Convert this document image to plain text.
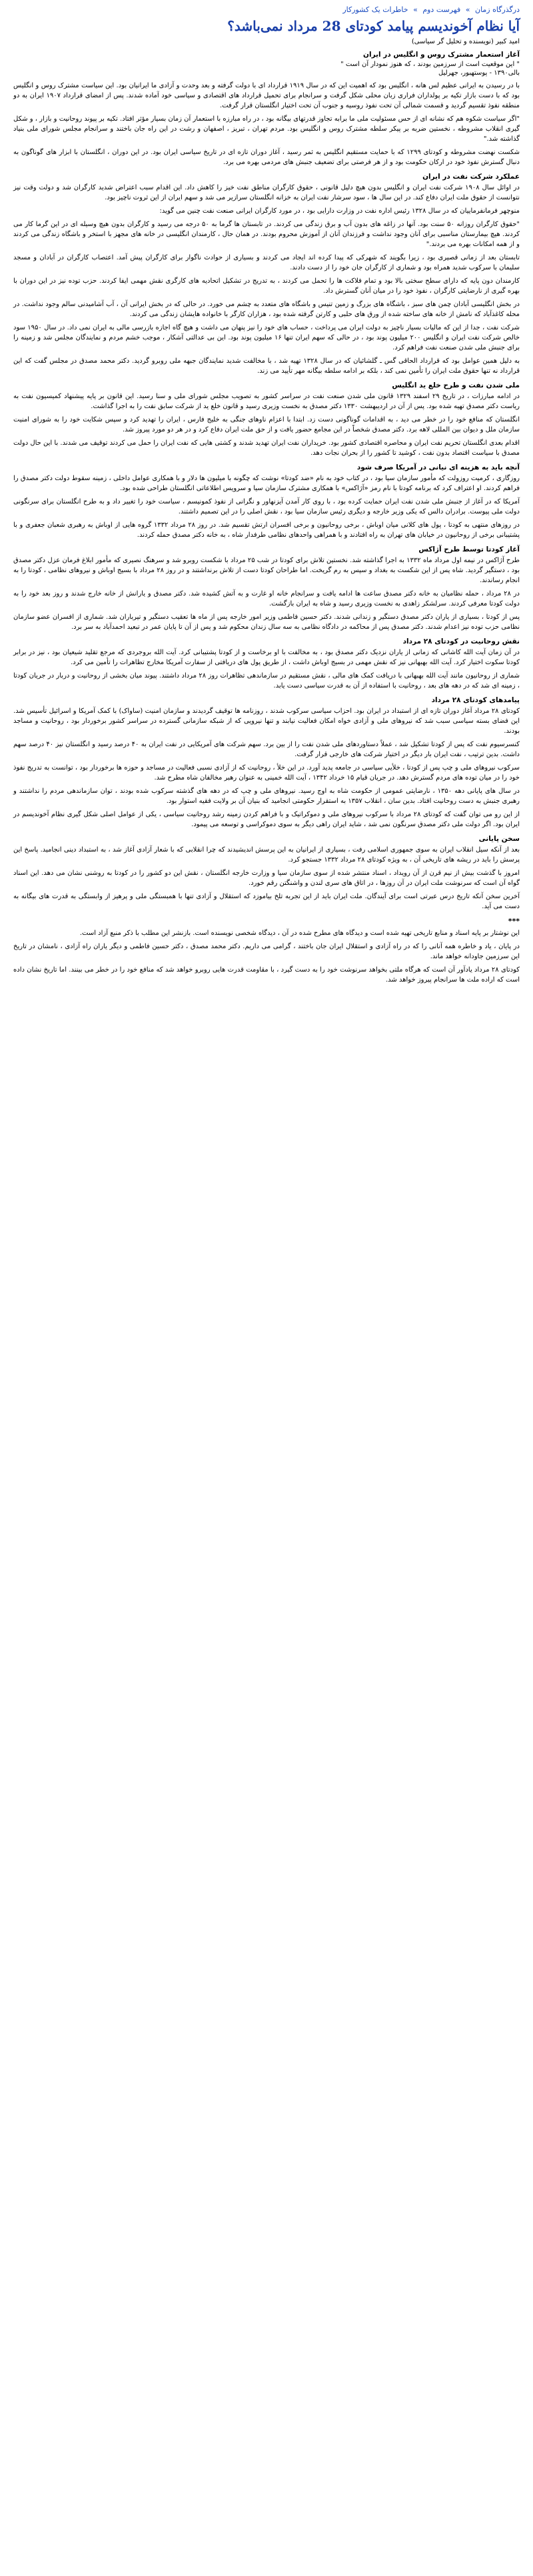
درگذرگاه زمان » فهرست دوم » خاطرات یک کشورکار
آیا نظام آخوندیسم پیامد کودتای 28 مرداد نمی‌باشد؟
امید کبیر (نویسنده و تحلیل گر سیاسی)
آغاز استعمار مشترک روس و انگلیس در ایران
" این موقعیت است از سرزمین بودند ، که هنوز نمودار آن است "
بالی۱۳۹۰ - پوستهبور، جهرلیل

با در رسیدن به ایرانی عظیم لس هانه ، انگلیس بود که اهمیت این که در سال ۱۹۱۹ قرارداد ای با دولت گرفته و بعد وحدت و آزادی ما ایرانیان بود. این سیاست مشترک روس و انگلیس بود که با دست بازار تکیه بر پولداران فراری زبان محلی شکل گرفت و سرانجام برای تحمیل قرارداد های اقتصادی و سیاسی خود آماده شدند. پس از امضای قرارداد ۱۹۰۷ ایران به دو منطقه نفوذ تقسیم گردید و قسمت شمالی آن تحت نفوذ روسیه و جنوب آن تحت اختیار انگلستان قرار گرفت.

"اگر سیاست شکوه هم که نشانه ای از حس مسئولیت ملی ما برابه تجاوز قدرتهای بیگانه بود ، در راه مبارزه با استعمار آن زمان بسیار مؤثر افتاد. تکیه بر پیوند روحانیت و بازار ، و شکل گیری انقلاب مشروطه ، نخستین ضربه بر پیکر سلطه مشترک روس و انگلیس بود. مردم تهران ، تبریز ، اصفهان و رشت در این راه جان باختند و سرانجام مجلس شورای ملی بنیاد گذاشته شد."

شکست نهضت مشروطه و کودتای ۱۲۹۹ که با حمایت مستقیم انگلیس به ثمر رسید ، آغاز دوران تازه ای در تاریخ سیاسی ایران بود. در این دوران ، انگلستان با ابزار های گوناگون به دنبال گسترش نفوذ خود در ارکان حکومت بود و از هر فرصتی برای تضعیف جنبش های مردمی بهره می برد.

عملکرد شرکت نفت در ایران

در اوائل سال ۱۹۰۸ شرکت نفت ایران و انگلیس بدون هیچ دلیل قانونی ، حقوق کارگران مناطق نفت خیز را کاهش داد. این اقدام سبب اعتراض شدید کارگران شد و دولت وقت نیز نتوانست از حقوق ملت ایران دفاع کند. در این سال ها ، سود سرشار نفت ایران به خزانه انگلستان سرازیر می شد و سهم ایران از این ثروت ناچیز بود.

منوچهر فرمانفرماییان که در سال ۱۳۲۸ رئیس اداره نفت در وزارت دارایی بود ، در مورد کارگران ایرانی صنعت نفت چنین می گوید:

"حقوق کارگران روزانه ۵۰ سنت بود. آنها در زاغه های بدون آب و برق زندگی می کردند. در تابستان ها گرما به ۵۰ درجه می رسید و کارگران بدون هیچ وسیله ای در این گرما کار می کردند. هیچ بیمارستان مناسبی برای آنان وجود نداشت و فرزندان آنان از آموزش محروم بودند. در همان حال ، کارمندان انگلیسی در خانه های مجهز با استخر و باشگاه زندگی می کردند و از همه امکانات بهره می بردند."

تابستان بعد از زمانی قصیری بود ، زیرا بگویند که شهرکی که پیدا کرده اند ایجاد می کردند و بسیاری از حوادث ناگوار برای کارگران پیش آمد. اعتصاب کارگران در آبادان و مسجد سلیمان با سرکوب شدید همراه بود و شماری از کارگران جان خود را از دست دادند.

کارمندان دون پایه که دارای سطح سختی بالا بود و تمام فلاکت ها را تحمل می کردند ، به تدریج در تشکیل اتحادیه های کارگری نقش مهمی ایفا کردند. حزب توده نیز در این دوران با بهره گیری از نارضایتی کارگران ، نفوذ خود را در میان آنان گسترش داد.

در بخش انگلیسی آبادان چمن های سبز ، باشگاه های بزرگ و زمین تنیس و باشگاه های متعدد به چشم می خورد. در حالی که در بخش ایرانی آن ، آب آشامیدنی سالم وجود نداشت. در محله کاغذآباد که نامش از خانه های ساخته شده از ورق های حلبی و کارتن گرفته شده بود ، هزاران کارگر با خانواده هایشان زندگی می کردند.

شرکت نفت ، جدا از این که مالیات بسیار ناچیز به دولت ایران می پرداخت ، حساب های خود را نیز پنهان می داشت و هیچ گاه اجازه بازرسی مالی به ایران نمی داد. در سال ۱۹۵۰ سود خالص شرکت نفت ایران و انگلیس ۲۰۰ میلیون پوند بود ، در حالی که سهم ایران تنها ۱۶ میلیون پوند بود. این بی عدالتی آشکار ، موجب خشم مردم و نمایندگان مجلس شد و زمینه را برای جنبش ملی شدن صنعت نفت فراهم کرد.

به دلیل همین عوامل بود که قرارداد الحاقی گس ـ گلشائیان که در سال ۱۳۲۸ تهیه شد ، با مخالفت شدید نمایندگان جبهه ملی روبرو گردید. دکتر محمد مصدق در مجلس گفت که این قرارداد نه تنها حقوق ملت ایران را تأمین نمی کند ، بلکه بر ادامه سلطه بیگانه مهر تأیید می زند.

ملی شدن نفت و طرح خلع ید انگلیس

در ادامه مبارزات ، در تاریخ ۲۹ اسفند ۱۳۲۹ قانون ملی شدن صنعت نفت در سراسر کشور به تصویب مجلس شورای ملی و سنا رسید. این قانون بر پایه پیشنهاد کمیسیون نفت به ریاست دکتر مصدق تهیه شده بود. پس از آن در اردیبهشت ۱۳۳۰ دکتر مصدق به نخست وزیری رسید و قانون خلع ید از شرکت سابق نفت را به اجرا گذاشت.

انگلستان که منافع خود را در خطر می دید ، به اقدامات گوناگونی دست زد. ابتدا با اعزام ناوهای جنگی به خلیج فارس ، ایران را تهدید کرد و سپس شکایت خود را به شورای امنیت سازمان ملل و دیوان بین المللی لاهه برد. دکتر مصدق شخصاً در این مجامع حضور یافت و از حق ملت ایران دفاع کرد و در هر دو مورد پیروز شد.

اقدام بعدی انگلستان تحریم نفت ایران و محاصره اقتصادی کشور بود. خریداران نفت ایران تهدید شدند و کشتی هایی که نفت ایران را حمل می کردند توقیف می شدند. با این حال دولت مصدق با سیاست اقتصاد بدون نفت ، کوشید تا کشور را از بحران نجات دهد.

آنچه باید به هزینه ای نیانی در آمریکا صرف شود

روزگاری ، کرمیت روزولت که مأمور سازمان سیا بود ، در کتاب خود به نام «ضد کودتا» نوشت که چگونه با میلیون ها دلار و با همکاری عوامل داخلی ، زمینه سقوط دولت دکتر مصدق را فراهم کردند. او اعتراف کرد که برنامه کودتا با نام رمز «آژاکس» با همکاری مشترک سازمان سیا و سرویس اطلاعاتی انگلستان طراحی شده بود.

آمریکا که در آغاز از جنبش ملی شدن نفت ایران حمایت کرده بود ، با روی کار آمدن آیزنهاور و نگرانی از نفوذ کمونیسم ، سیاست خود را تغییر داد و به طرح انگلستان برای سرنگونی دولت ملی پیوست. برادران دالس که یکی وزیر خارجه و دیگری رئیس سازمان سیا بود ، نقش اصلی را در این تصمیم داشتند.

در روزهای منتهی به کودتا ، پول های کلانی میان اوباش ، برخی روحانیون و برخی افسران ارتش تقسیم شد. در روز ۲۸ مرداد ۱۳۳۲ گروه هایی از اوباش به رهبری شعبان جعفری و با پشتیبانی برخی از روحانیون در خیابان های تهران به راه افتادند و با همراهی واحدهای نظامی طرفدار شاه ، به خانه دکتر مصدق حمله کردند.

آغاز کودتا توسط طرح آژاکس

طرح آژاکس در نیمه اول مرداد ماه ۱۳۳۲ به اجرا گذاشته شد. نخستین تلاش برای کودتا در شب ۲۵ مرداد با شکست روبرو شد و سرهنگ نصیری که مأمور ابلاغ فرمان عزل دکتر مصدق بود ، دستگیر گردید. شاه پس از این شکست به بغداد و سپس به رم گریخت. اما طراحان کودتا دست از تلاش برنداشتند و در روز ۲۸ مرداد با بسیج اوباش و نیروهای نظامی ، کودتا را به انجام رساندند.

در ۲۸ مرداد ، حمله نظامیان به خانه دکتر مصدق ساعت ها ادامه یافت و سرانجام خانه او غارت و به آتش کشیده شد. دکتر مصدق و یارانش از خانه خارج شدند و روز بعد خود را به دولت کودتا معرفی کردند. سرلشکر زاهدی به نخست وزیری رسید و شاه به ایران بازگشت.

پس از کودتا ، بسیاری از یاران دکتر مصدق دستگیر و زندانی شدند. دکتر حسین فاطمی وزیر امور خارجه پس از ماه ها تعقیب دستگیر و تیرباران شد. شماری از افسران عضو سازمان نظامی حزب توده نیز اعدام شدند. دکتر مصدق پس از محاکمه در دادگاه نظامی به سه سال زندان محکوم شد و پس از آن تا پایان عمر در تبعید احمدآباد به سر برد.

نقش روحانیت در کودتای ۲۸ مرداد

در آن زمان آیت الله کاشانی که زمانی از یاران نزدیک دکتر مصدق بود ، به مخالفت با او برخاست و از کودتا پشتیبانی کرد. آیت الله بروجردی که مرجع تقلید شیعیان بود ، نیز در برابر کودتا سکوت اختیار کرد. آیت الله بهبهانی نیز که نقش مهمی در بسیج اوباش داشت ، از طریق پول های دریافتی از سفارت آمریکا مخارج تظاهرات را تأمین می کرد.

شماری از روحانیون مانند آیت الله بهبهانی با دریافت کمک های مالی ، نقش مستقیم در سازماندهی تظاهرات روز ۲۸ مرداد داشتند. پیوند میان بخشی از روحانیت و دربار در جریان کودتا ، زمینه ای شد که در دهه های بعد ، روحانیت با استفاده از آن به قدرت سیاسی دست یابد.

پیامدهای کودتای ۲۸ مرداد

کودتای ۲۸ مرداد آغاز دوران تازه ای از استبداد در ایران بود. احزاب سیاسی سرکوب شدند ، روزنامه ها توقیف گردیدند و سازمان امنیت (ساواک) با کمک آمریکا و اسرائیل تأسیس شد. این فضای بسته سیاسی سبب شد که نیروهای ملی و آزادی خواه امکان فعالیت نیابند و تنها نیرویی که از شبکه سازمانی گسترده در سراسر کشور برخوردار بود ، روحانیت و مساجد بودند.

کنسرسیوم نفت که پس از کودتا تشکیل شد ، عملاً دستاوردهای ملی شدن نفت را از بین برد. سهم شرکت های آمریکایی در نفت ایران به ۴۰ درصد رسید و انگلستان نیز ۴۰ درصد سهم داشت. بدین ترتیب ، نفت ایران بار دیگر در اختیار شرکت های خارجی قرار گرفت.

سرکوب نیروهای ملی و چپ پس از کودتا ، خلأیی سیاسی در جامعه پدید آورد. در این خلأ ، روحانیت که از آزادی نسبی فعالیت در مساجد و حوزه ها برخوردار بود ، توانست به تدریج نفوذ خود را در میان توده های مردم گسترش دهد. در جریان قیام ۱۵ خرداد ۱۳۴۲ ، آیت الله خمینی به عنوان رهبر مخالفان شاه مطرح شد.

در سال های پایانی دهه ۱۳۵۰ ، نارضایتی عمومی از حکومت شاه به اوج رسید. نیروهای ملی و چپ که در دهه های گذشته سرکوب شده بودند ، توان سازماندهی مردم را نداشتند و رهبری جنبش به دست روحانیت افتاد. بدین سان ، انقلاب ۱۳۵۷ به استقرار حکومتی انجامید که بنیان آن بر ولایت فقیه استوار بود.

از این رو می توان گفت که کودتای ۲۸ مرداد با سرکوب نیروهای ملی و دموکراتیک و با فراهم کردن زمینه رشد روحانیت سیاسی ، یکی از عوامل اصلی شکل گیری نظام آخوندیسم در ایران بود. اگر دولت ملی دکتر مصدق سرنگون نمی شد ، شاید ایران راهی دیگر به سوی دموکراسی و توسعه می پیمود.

سخن پایانی

بعد از آنکه سیل انقلاب ایران به سوی جمهوری اسلامی رفت ، بسیاری از ایرانیان به این پرسش اندیشیدند که چرا انقلابی که با شعار آزادی آغاز شد ، به استبداد دینی انجامید. پاسخ این پرسش را باید در ریشه های تاریخی آن ، به ویژه کودتای ۲۸ مرداد ۱۳۳۲ جستجو کرد.

امروز با گذشت بیش از نیم قرن از آن رویداد ، اسناد منتشر شده از سوی سازمان سیا و وزارت خارجه انگلستان ، نقش این دو کشور را در کودتا به روشنی نشان می دهد. این اسناد گواه آن است که سرنوشت ملت ایران در آن روزها ، در اتاق های سری لندن و واشنگتن رقم خورد.

آخرین سخن آنکه تاریخ درس عبرتی است برای آیندگان. ملت ایران باید از این تجربه تلخ بیاموزد که استقلال و آزادی تنها با همبستگی ملی و پرهیز از وابستگی به قدرت های بیگانه به دست می آید.

***

این نوشتار بر پایه اسناد و منابع تاریخی تهیه شده است و دیدگاه های مطرح شده در آن ، دیدگاه شخصی نویسنده است. بازنشر این مطلب با ذکر منبع آزاد است.

در پایان ، یاد و خاطره همه آنانی را که در راه آزادی و استقلال ایران جان باختند ، گرامی می داریم. دکتر محمد مصدق ، دکتر حسین فاطمی و دیگر یاران راه آزادی ، نامشان در تاریخ این سرزمین جاودانه خواهد ماند.

کودتای ۲۸ مرداد یادآور آن است که هرگاه ملتی بخواهد سرنوشت خود را به دست گیرد ، با مقاومت قدرت هایی روبرو خواهد شد که منافع خود را در خطر می بینند. اما تاریخ نشان داده است که اراده ملت ها سرانجام پیروز خواهد شد.
